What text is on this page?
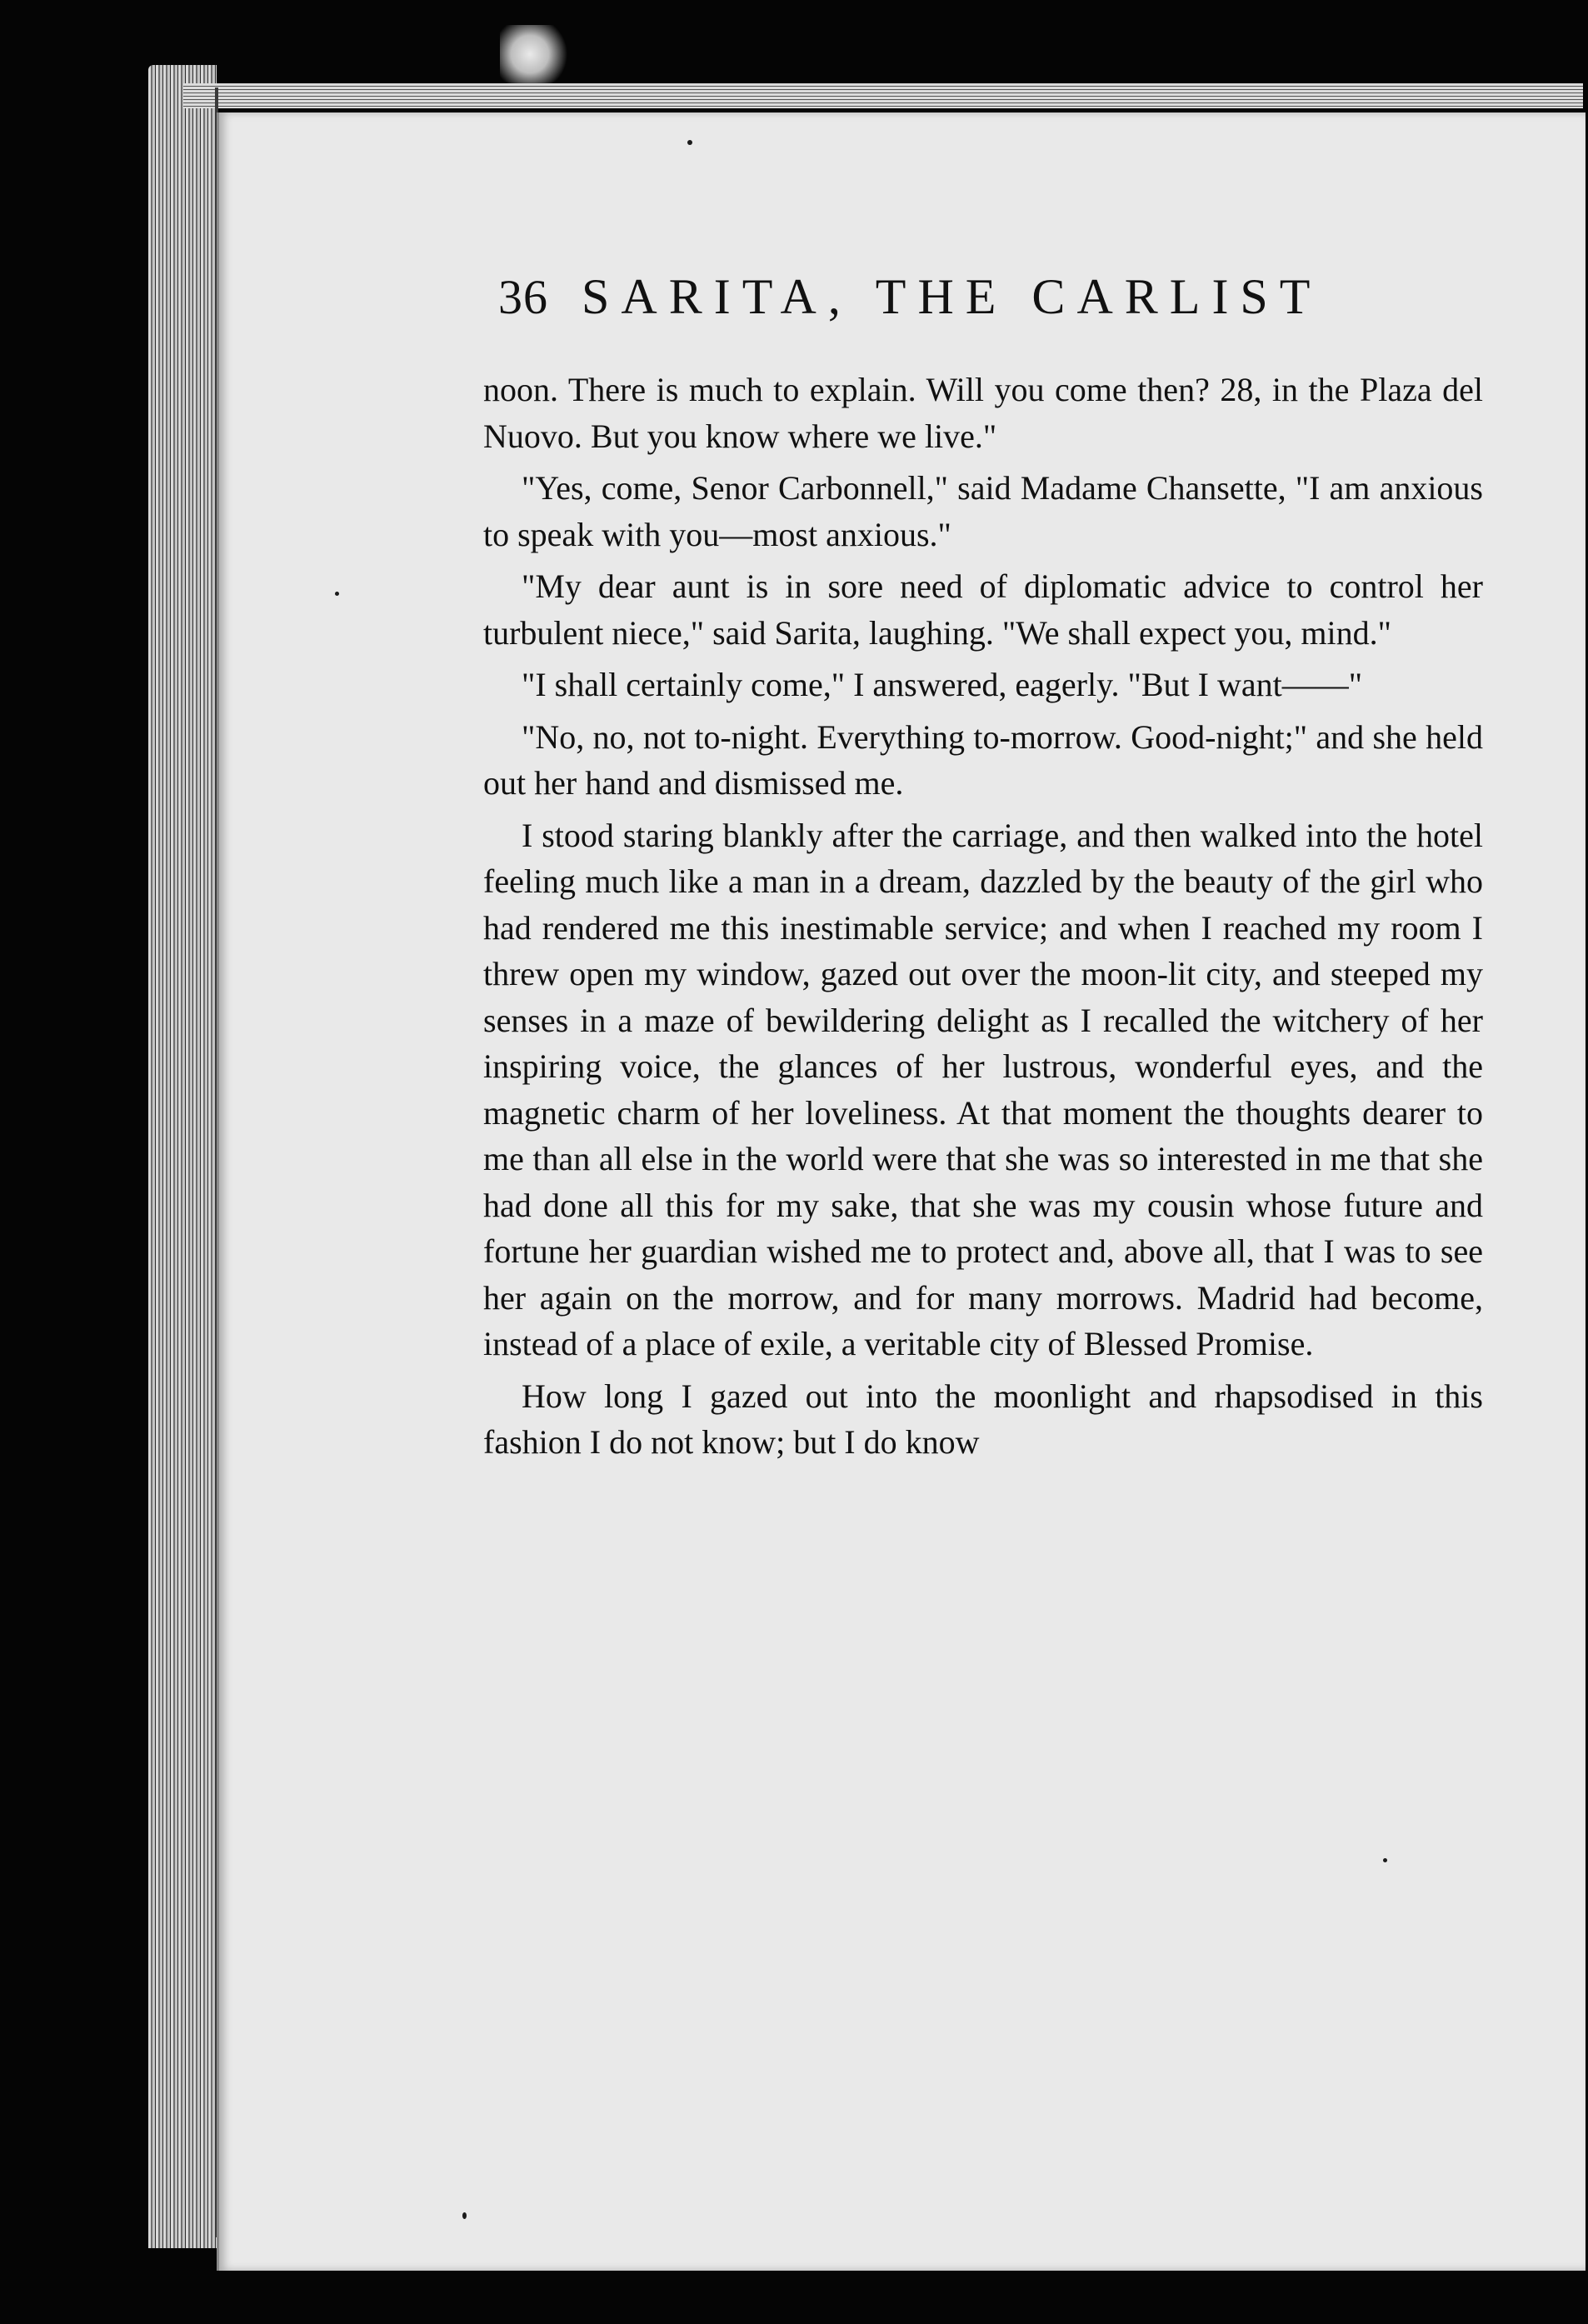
36 SARITA, THE CARLIST

noon. There is much to explain. Will you come then? 28, in the Plaza del Nuovo. But you know where we live."

"Yes, come, Senor Carbonnell," said Madame Chansette, "I am anxious to speak with you—most anxious."

"My dear aunt is in sore need of diplomatic advice to control her turbulent niece," said Sarita, laughing. "We shall expect you, mind."

"I shall certainly come," I answered, eagerly. "But I want——"

"No, no, not to-night. Everything to-morrow. Good-night;" and she held out her hand and dismissed me.

I stood staring blankly after the carriage, and then walked into the hotel feeling much like a man in a dream, dazzled by the beauty of the girl who had rendered me this inestimable service; and when I reached my room I threw open my window, gazed out over the moon-lit city, and steeped my senses in a maze of bewildering delight as I recalled the witchery of her inspiring voice, the glances of her lustrous, wonderful eyes, and the magnetic charm of her loveliness. At that moment the thoughts dearer to me than all else in the world were that she was so interested in me that she had done all this for my sake, that she was my cousin whose future and fortune her guardian wished me to protect and, above all, that I was to see her again on the morrow, and for many morrows. Madrid had become, instead of a place of exile, a veritable city of Blessed Promise.

How long I gazed out into the moonlight and rhapsodised in this fashion I do not know; but I do know
